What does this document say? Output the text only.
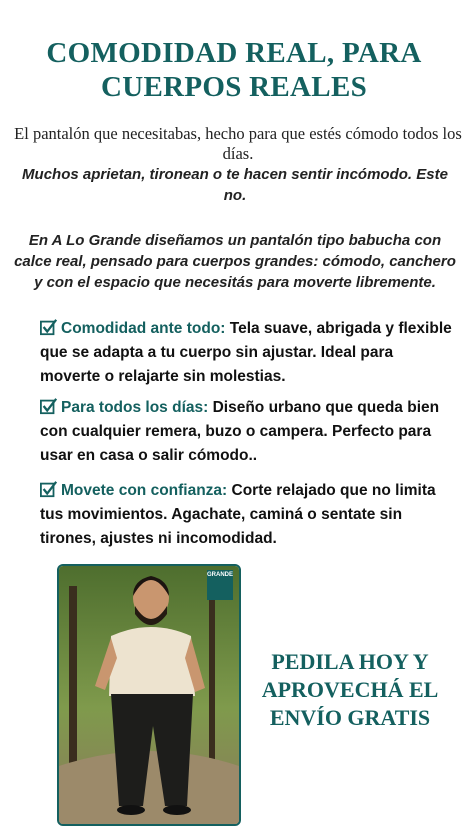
COMODIDAD REAL, PARA CUERPOS REALES
El pantalón que necesitabas, hecho para que estés cómodo todos los días.
Muchos aprietan, tironean o te hacen sentir incómodo. Este no.
En A Lo Grande diseñamos un pantalón tipo babucha con calce real, pensado para cuerpos grandes: cómodo, canchero y con el espacio que necesitás para moverte libremente.
Comodidad ante todo: Tela suave, abrigada y flexible que se adapta a tu cuerpo sin ajustar. Ideal para moverte o relajarte sin molestias.
Para todos los días: Diseño urbano que queda bien con cualquier remera, buzo o campera. Perfecto para usar en casa o salir cómodo..
Movete con confianza: Corte relajado que no limita tus movimientos. Agachate, caminá o sentate sin tirones, ajustes ni incomodidad.
GRANDE
PEDILA HOY Y APROVECHÁ EL ENVÍO GRATIS
